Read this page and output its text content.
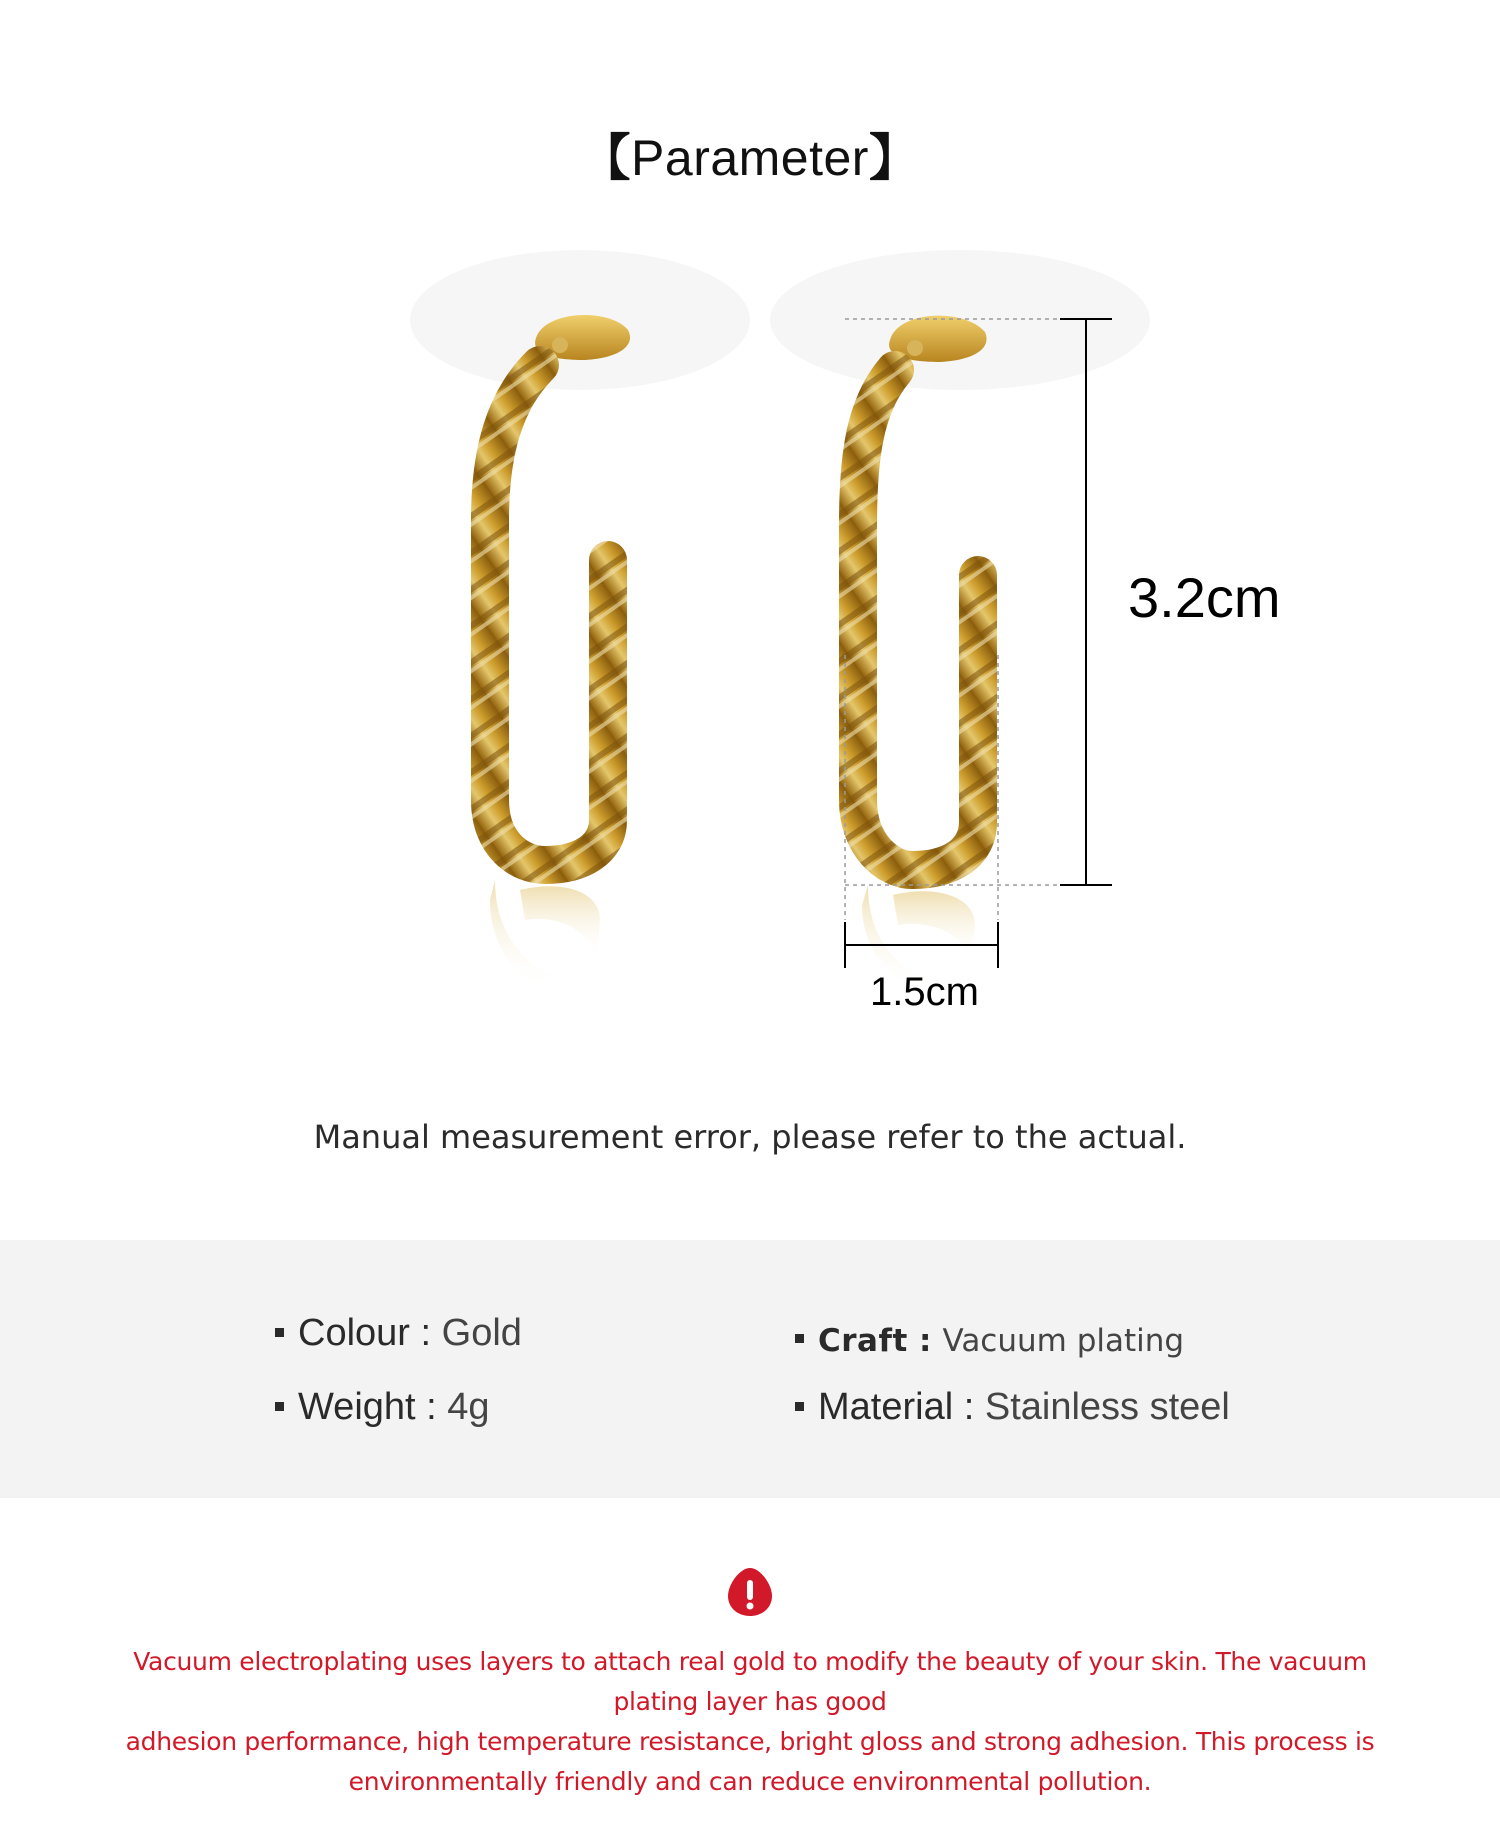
【Parameter】
3.2cm
1.5cm
Manual measurement error, please refer to the actual.
Colour : Gold
Weight : 4g
Craft : Vacuum plating
Material : Stainless steel
Vacuum electroplating uses layers to attach real gold to modify the beauty of your skin. The vacuum plating layer has good
adhesion performance, high temperature resistance, bright gloss and strong adhesion. This process is
environmentally friendly and can reduce environmental pollution.
